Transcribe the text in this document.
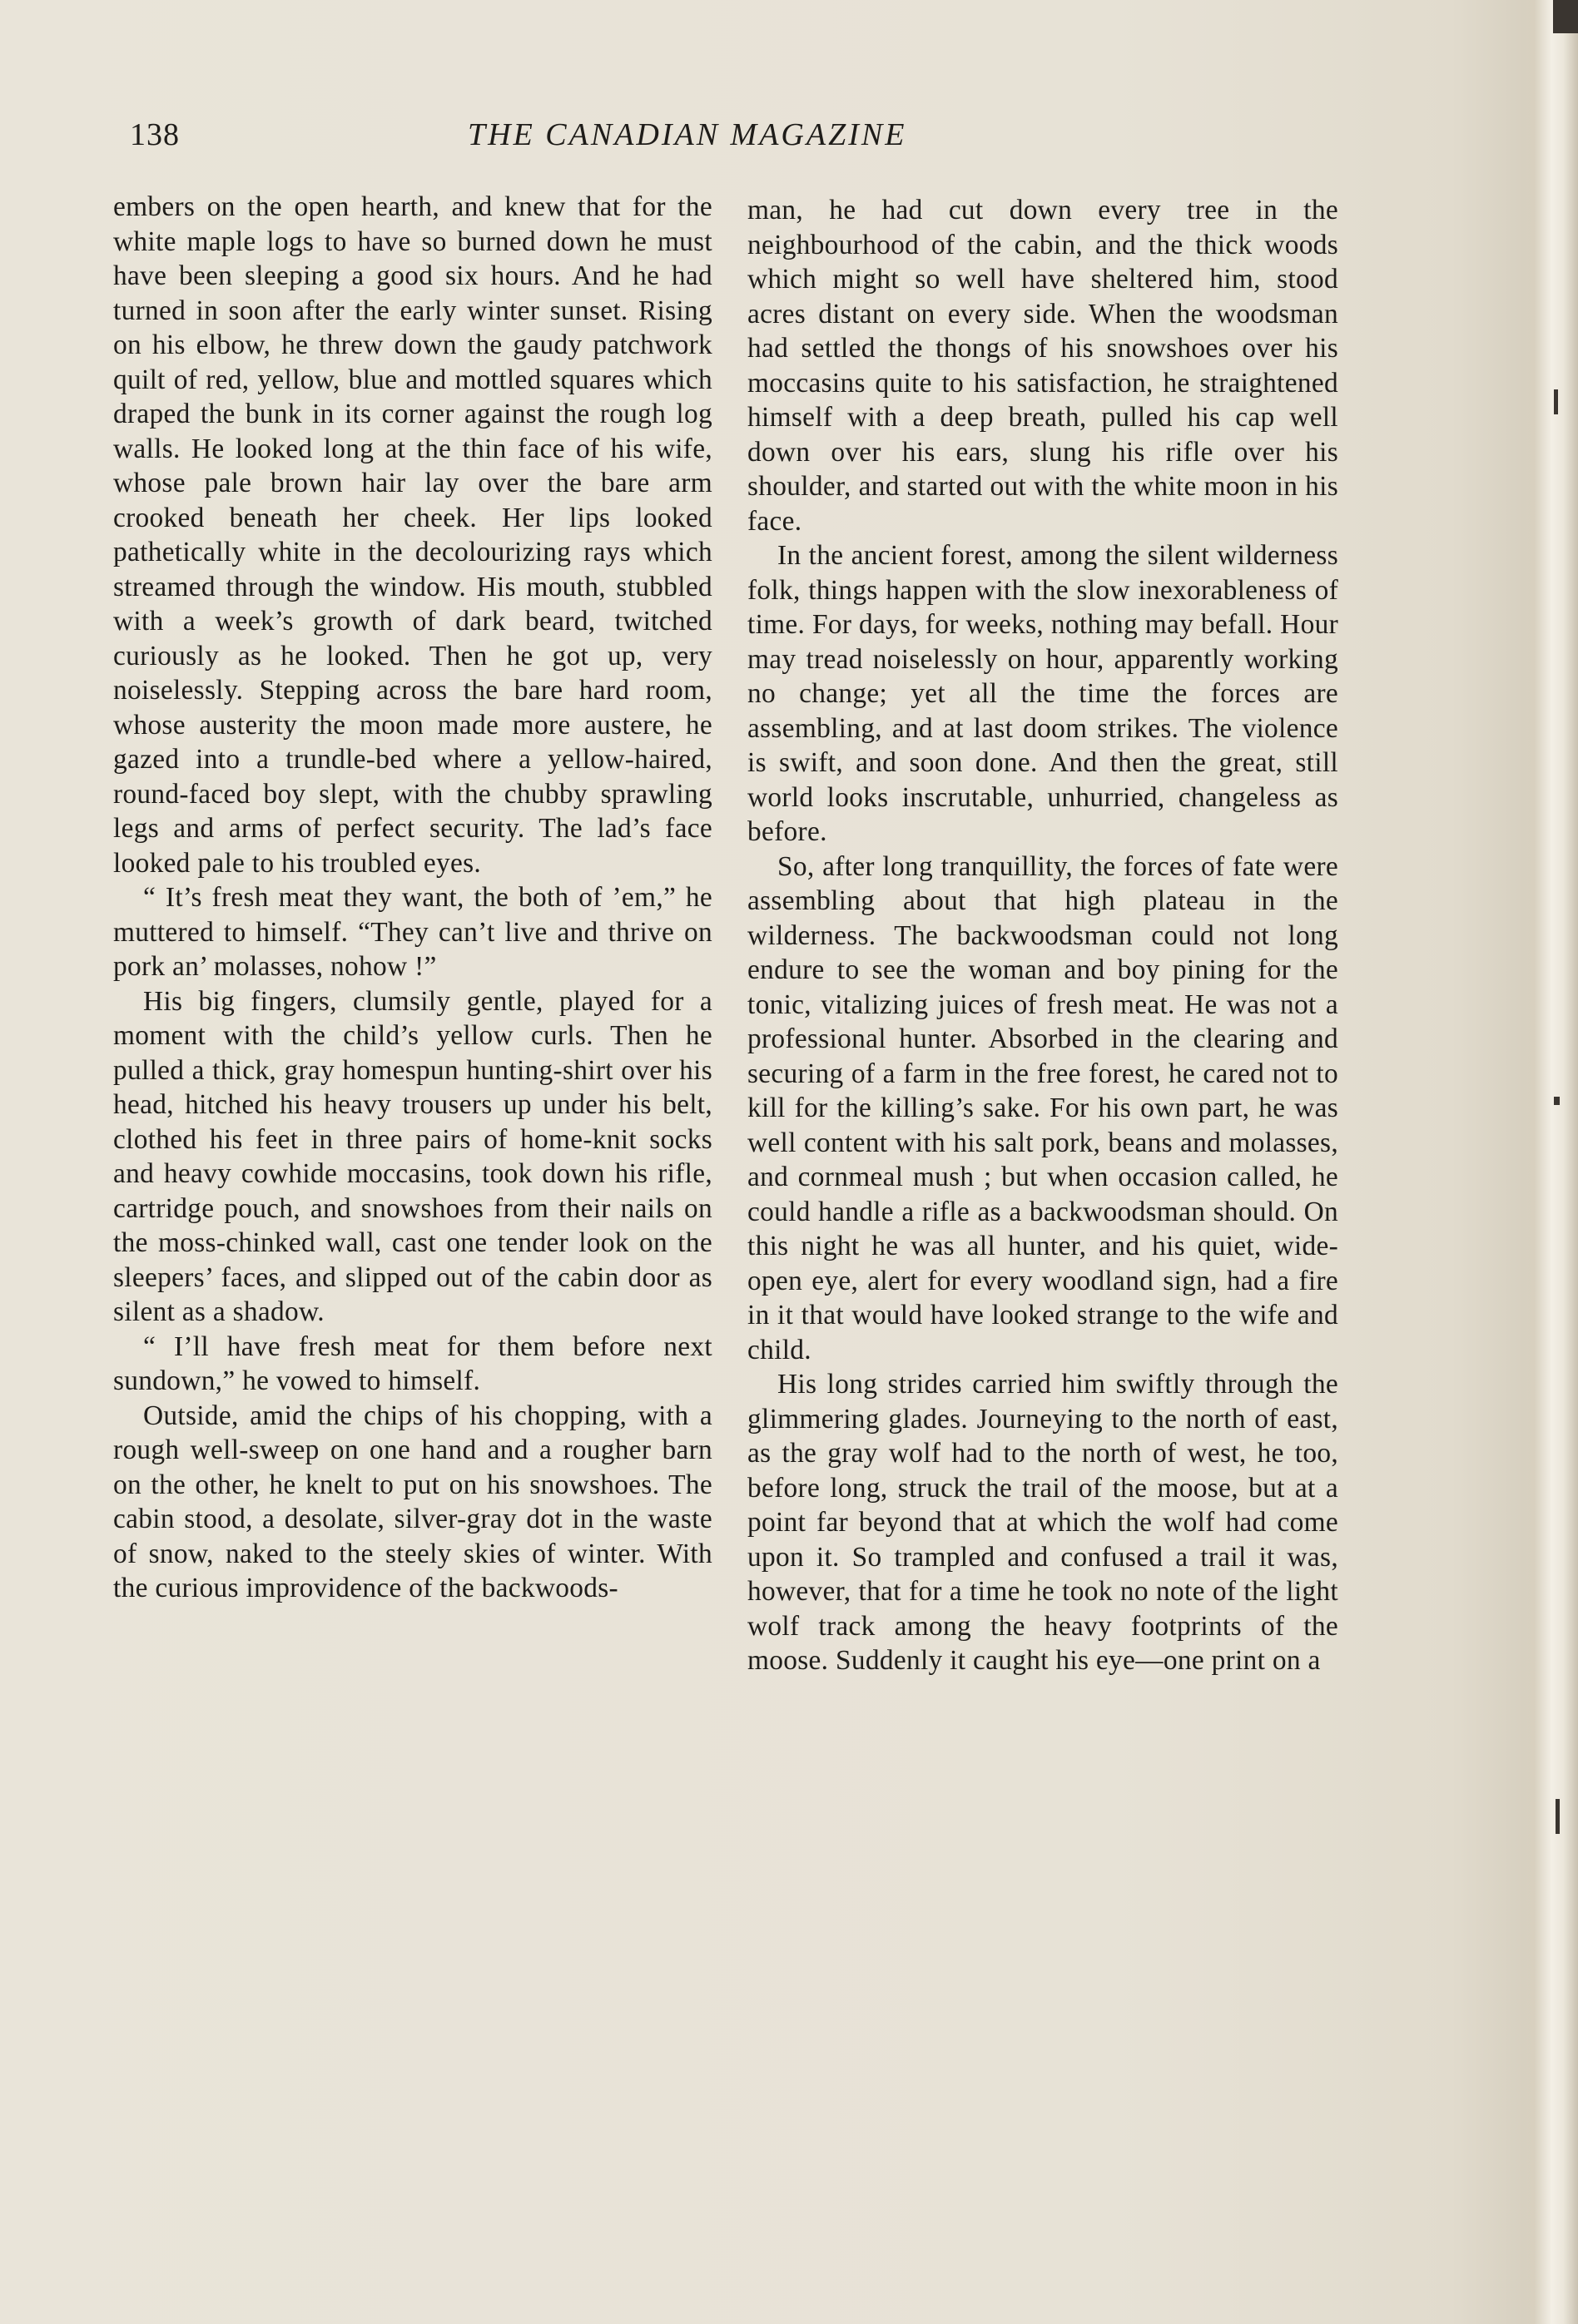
138	THE CANADIAN MAGAZINE

embers on the open hearth, and knew that for the white maple logs to have so burned down he must have been sleeping a good six hours. And he had turned in soon after the early winter sunset. Rising on his elbow, he threw down the gaudy patchwork quilt of red, yellow, blue and mottled squares which draped the bunk in its corner against the rough log walls. He looked long at the thin face of his wife, whose pale brown hair lay over the bare arm crooked beneath her cheek. Her lips looked pathetically white in the decolourizing rays which streamed through the window. His mouth, stubbled with a week’s growth of dark beard, twitched curiously as he looked. Then he got up, very noiselessly. Stepping across the bare hard room, whose austerity the moon made more austere, he gazed into a trundle-bed where a yellow-haired, round-faced boy slept, with the chubby sprawling legs and arms of perfect security. The lad’s face looked pale to his troubled eyes.

“ It’s fresh meat they want, the both of ’em,” he muttered to himself. “They can’t live and thrive on pork an’ molasses, nohow !”

His big fingers, clumsily gentle, played for a moment with the child’s yellow curls. Then he pulled a thick, gray homespun hunting-shirt over his head, hitched his heavy trousers up under his belt, clothed his feet in three pairs of home-knit socks and heavy cowhide moccasins, took down his rifle, cartridge pouch, and snowshoes from their nails on the moss-chinked wall, cast one tender look on the sleepers’ faces, and slipped out of the cabin door as silent as a shadow.

“ I’ll have fresh meat for them before next sundown,” he vowed to himself.

Outside, amid the chips of his chopping, with a rough well-sweep on one hand and a rougher barn on the other, he knelt to put on his snowshoes. The cabin stood, a desolate, silver-gray dot in the waste of snow, naked to the steely skies of winter. With the curious improvidence of the backwoods-

man, he had cut down every tree in the neighbourhood of the cabin, and the thick woods which might so well have sheltered him, stood acres distant on every side. When the woodsman had settled the thongs of his snowshoes over his moccasins quite to his satisfaction, he straightened himself with a deep breath, pulled his cap well down over his ears, slung his rifle over his shoulder, and started out with the white moon in his face.

In the ancient forest, among the silent wilderness folk, things happen with the slow inexorableness of time. For days, for weeks, nothing may befall. Hour may tread noiselessly on hour, apparently working no change; yet all the time the forces are assembling, and at last doom strikes. The violence is swift, and soon done. And then the great, still world looks inscrutable, unhurried, changeless as before.

So, after long tranquillity, the forces of fate were assembling about that high plateau in the wilderness. The backwoodsman could not long endure to see the woman and boy pining for the tonic, vitalizing juices of fresh meat. He was not a professional hunter. Absorbed in the clearing and securing of a farm in the free forest, he cared not to kill for the killing’s sake. For his own part, he was well content with his salt pork, beans and molasses, and cornmeal mush ; but when occasion called, he could handle a rifle as a backwoodsman should. On this night he was all hunter, and his quiet, wide-open eye, alert for every woodland sign, had a fire in it that would have looked strange to the wife and child.

His long strides carried him swiftly through the glimmering glades. Journeying to the north of east, as the gray wolf had to the north of west, he too, before long, struck the trail of the moose, but at a point far beyond that at which the wolf had come upon it. So trampled and confused a trail it was, however, that for a time he took no note of the light wolf track among the heavy footprints of the moose. Suddenly it caught his eye—one print on a
